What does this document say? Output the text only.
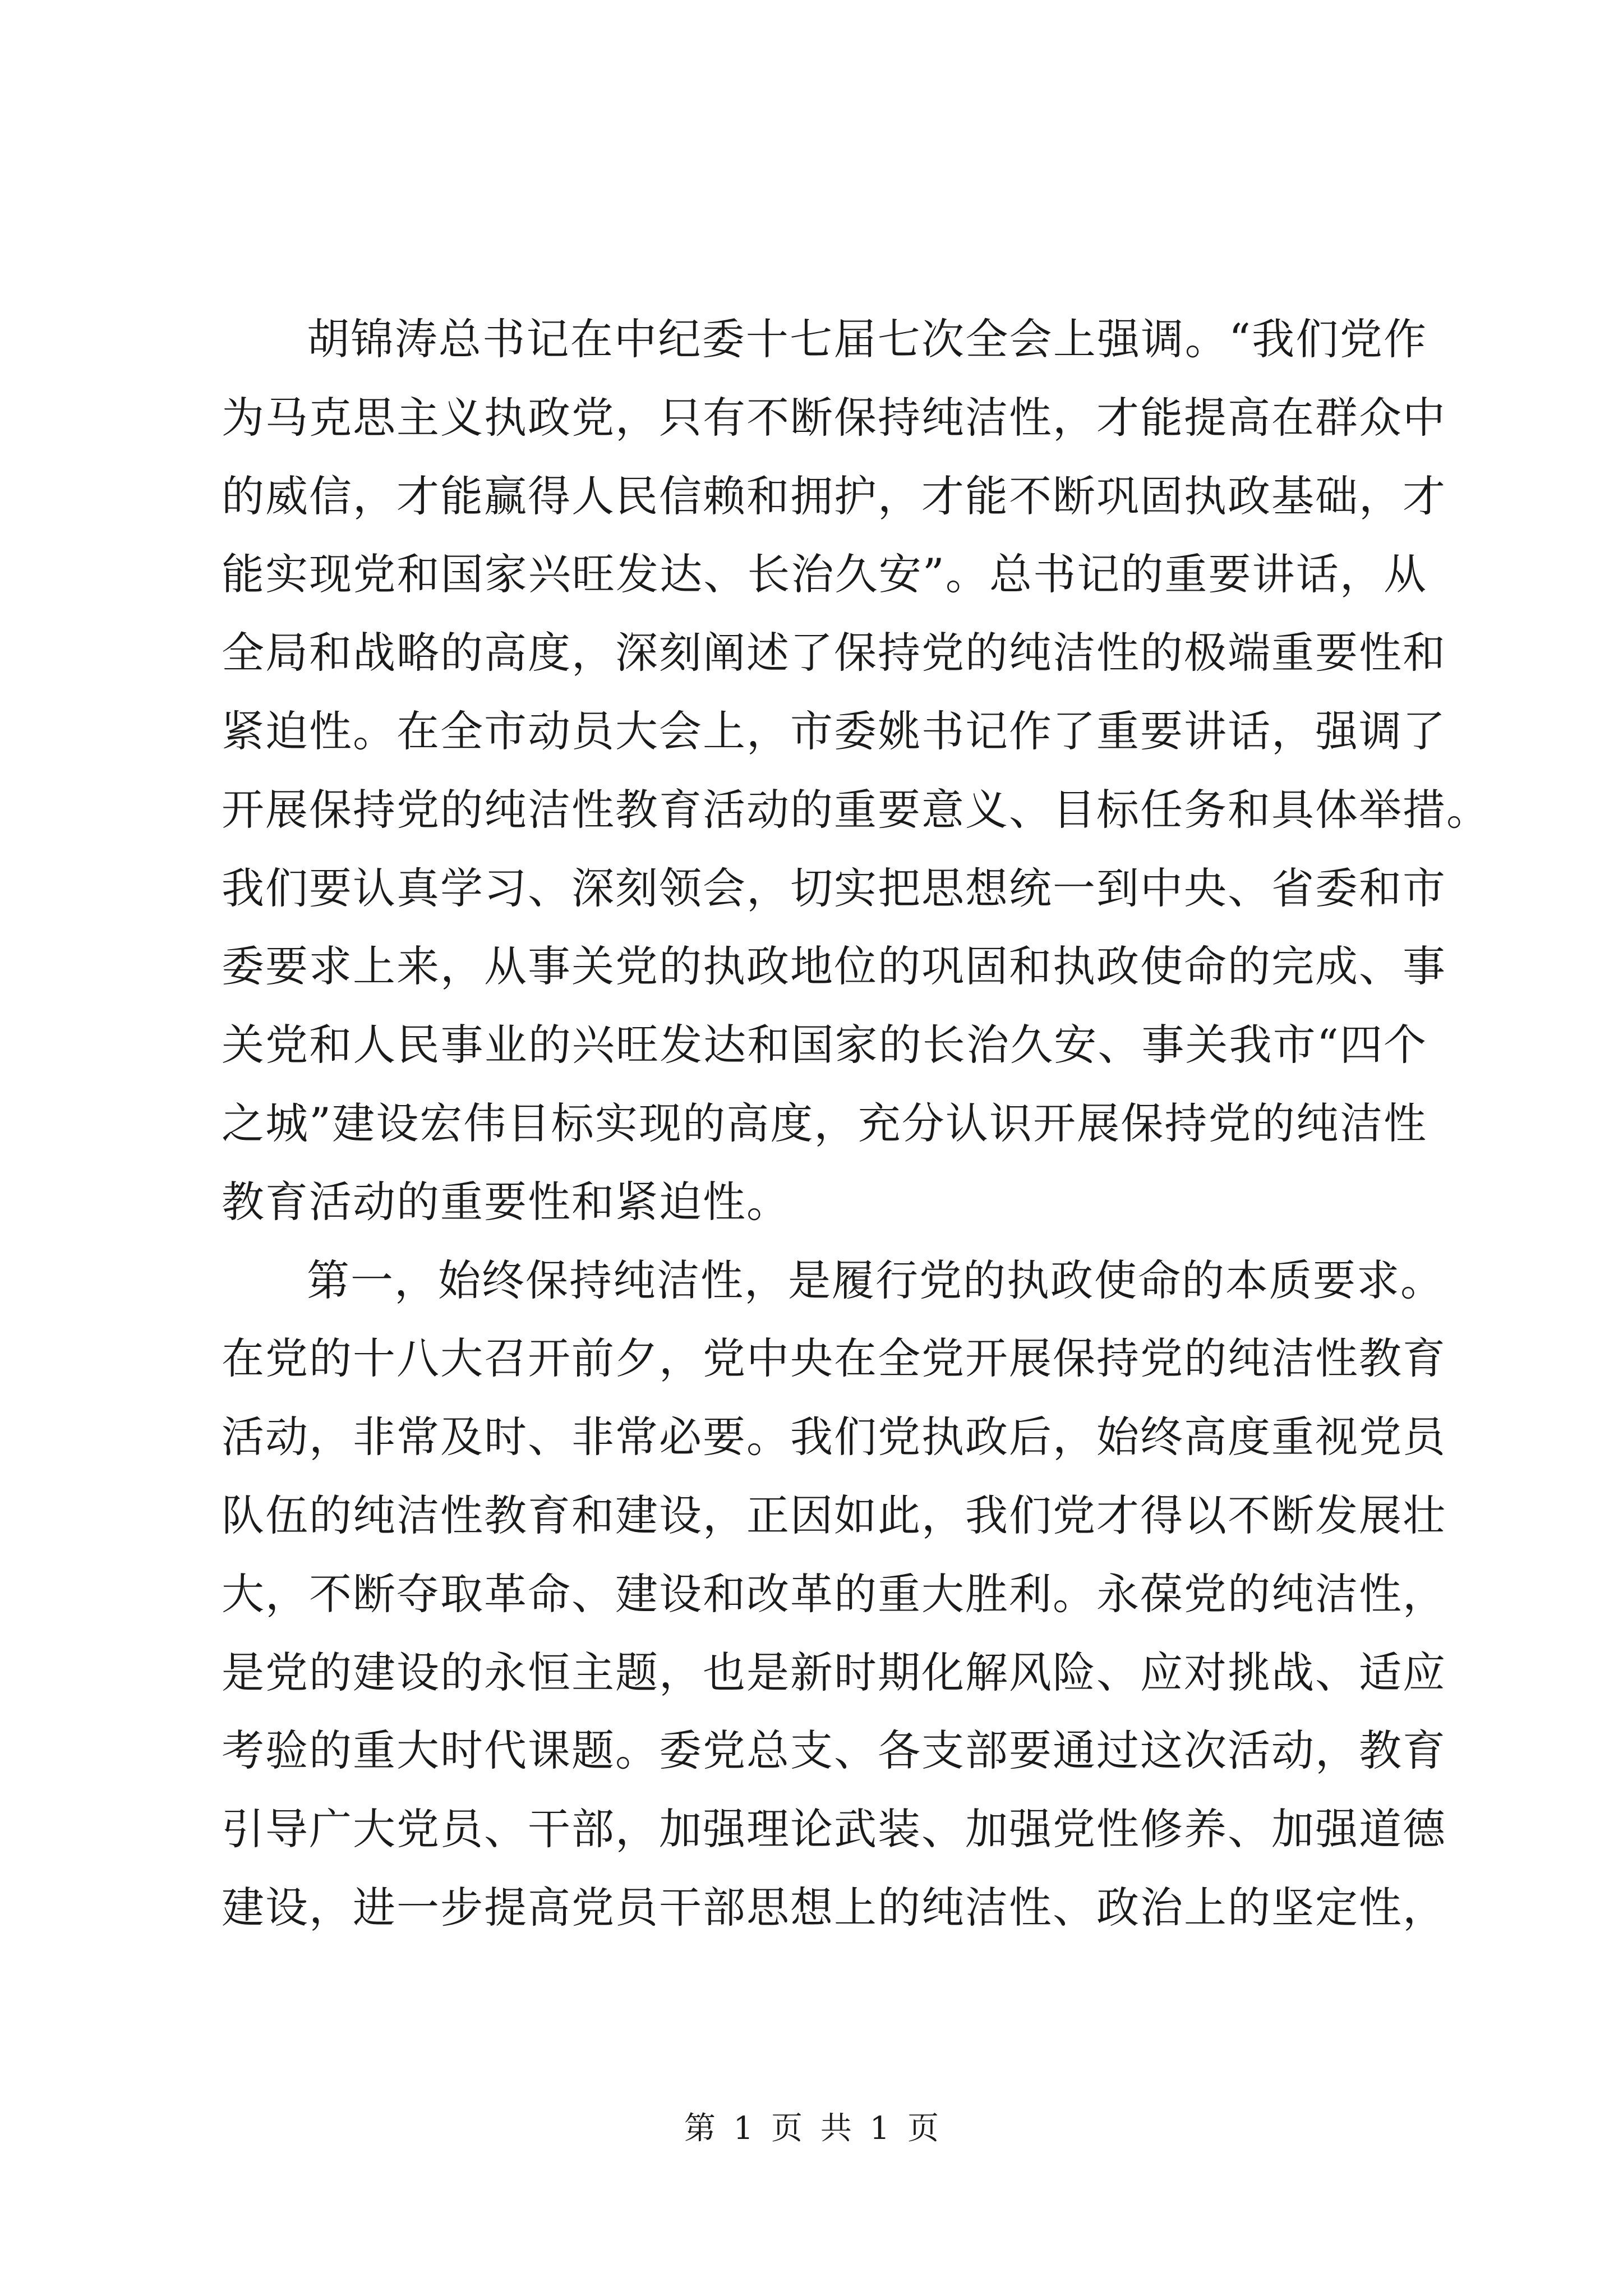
胡锦涛总书记在中纪委十七届七次全会上强调。“我们党作
为马克思主义执政党，只有不断保持纯洁性，才能提高在群众中
的威信，才能赢得人民信赖和拥护，才能不断巩固执政基础，才
能实现党和国家兴旺发达、长治久安”。总书记的重要讲话，从
全局和战略的高度，深刻阐述了保持党的纯洁性的极端重要性和
紧迫性。在全市动员大会上，市委姚书记作了重要讲话，强调了
开展保持党的纯洁性教育活动的重要意义、目标任务和具体举措。
我们要认真学习、深刻领会，切实把思想统一到中央、省委和市
委要求上来，从事关党的执政地位的巩固和执政使命的完成、事
关党和人民事业的兴旺发达和国家的长治久安、事关我市“四个
之城”建设宏伟目标实现的高度，充分认识开展保持党的纯洁性
教育活动的重要性和紧迫性。
第一，始终保持纯洁性，是履行党的执政使命的本质要求。
在党的十八大召开前夕，党中央在全党开展保持党的纯洁性教育
活动，非常及时、非常必要。我们党执政后，始终高度重视党员
队伍的纯洁性教育和建设，正因如此，我们党才得以不断发展壮
大，不断夺取革命、建设和改革的重大胜利。永葆党的纯洁性，
是党的建设的永恒主题，也是新时期化解风险、应对挑战、适应
考验的重大时代课题。委党总支、各支部要通过这次活动，教育
引导广大党员、干部，加强理论武装、加强党性修养、加强道德
建设，进一步提高党员干部思想上的纯洁性、政治上的坚定性，
第 1 页 共 1 页
